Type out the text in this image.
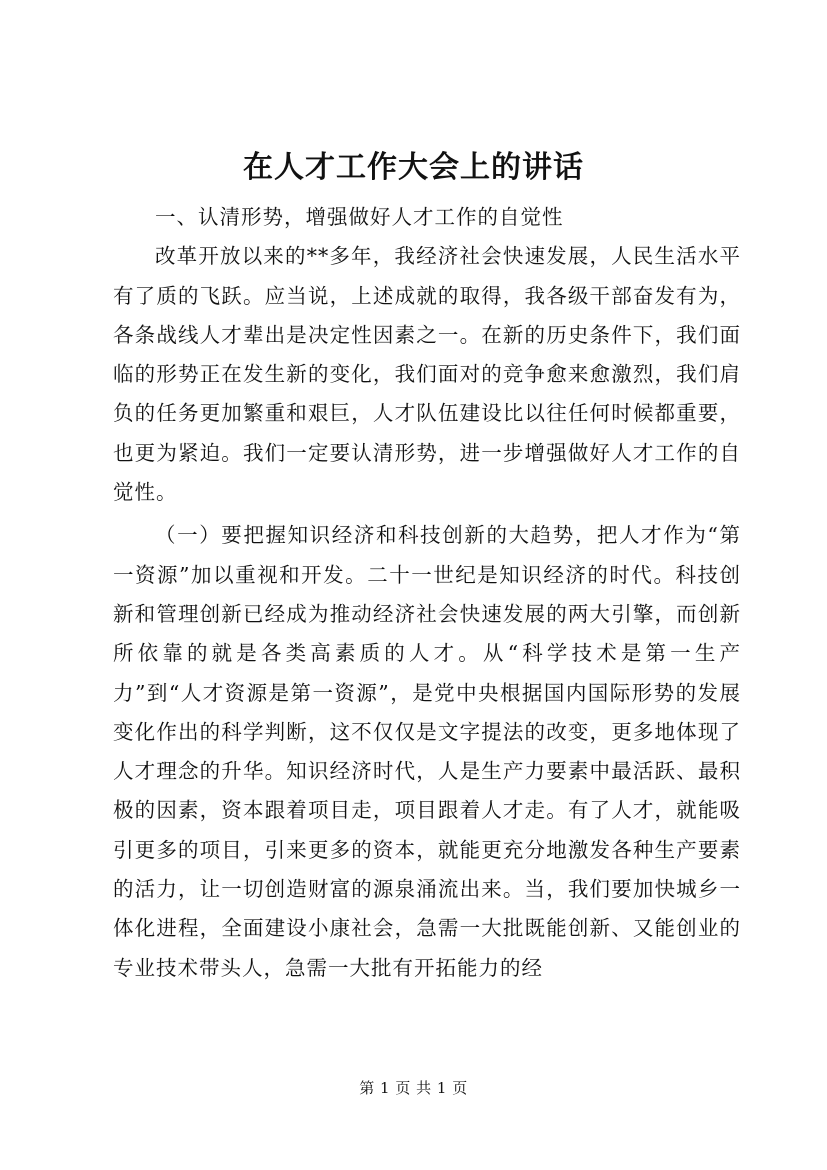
在人才工作大会上的讲话

一、认清形势，增强做好人才工作的自觉性

改革开放以来的**多年，我经济社会快速发展，人民生活水平有了质的飞跃。应当说，上述成就的取得，我各级干部奋发有为，各条战线人才辈出是决定性因素之一。在新的历史条件下，我们面临的形势正在发生新的变化，我们面对的竞争愈来愈激烈，我们肩负的任务更加繁重和艰巨，人才队伍建设比以往任何时候都重要，也更为紧迫。我们一定要认清形势，进一步增强做好人才工作的自觉性。

（一）要把握知识经济和科技创新的大趋势，把人才作为“第一资源”加以重视和开发。二十一世纪是知识经济的时代。科技创新和管理创新已经成为推动经济社会快速发展的两大引擎，而创新所依靠的就是各类高素质的人才。从“科学技术是第一生产力”到“人才资源是第一资源”，是党中央根据国内国际形势的发展变化作出的科学判断，这不仅仅是文字提法的改变，更多地体现了人才理念的升华。知识经济时代，人是生产力要素中最活跃、最积极的因素，资本跟着项目走，项目跟着人才走。有了人才，就能吸引更多的项目，引来更多的资本，就能更充分地激发各种生产要素的活力，让一切创造财富的源泉涌流出来。当，我们要加快城乡一体化进程，全面建设小康社会，急需一大批既能创新、又能创业的专业技术带头人，急需一大批有开拓能力的经

第 1 页 共 1 页
